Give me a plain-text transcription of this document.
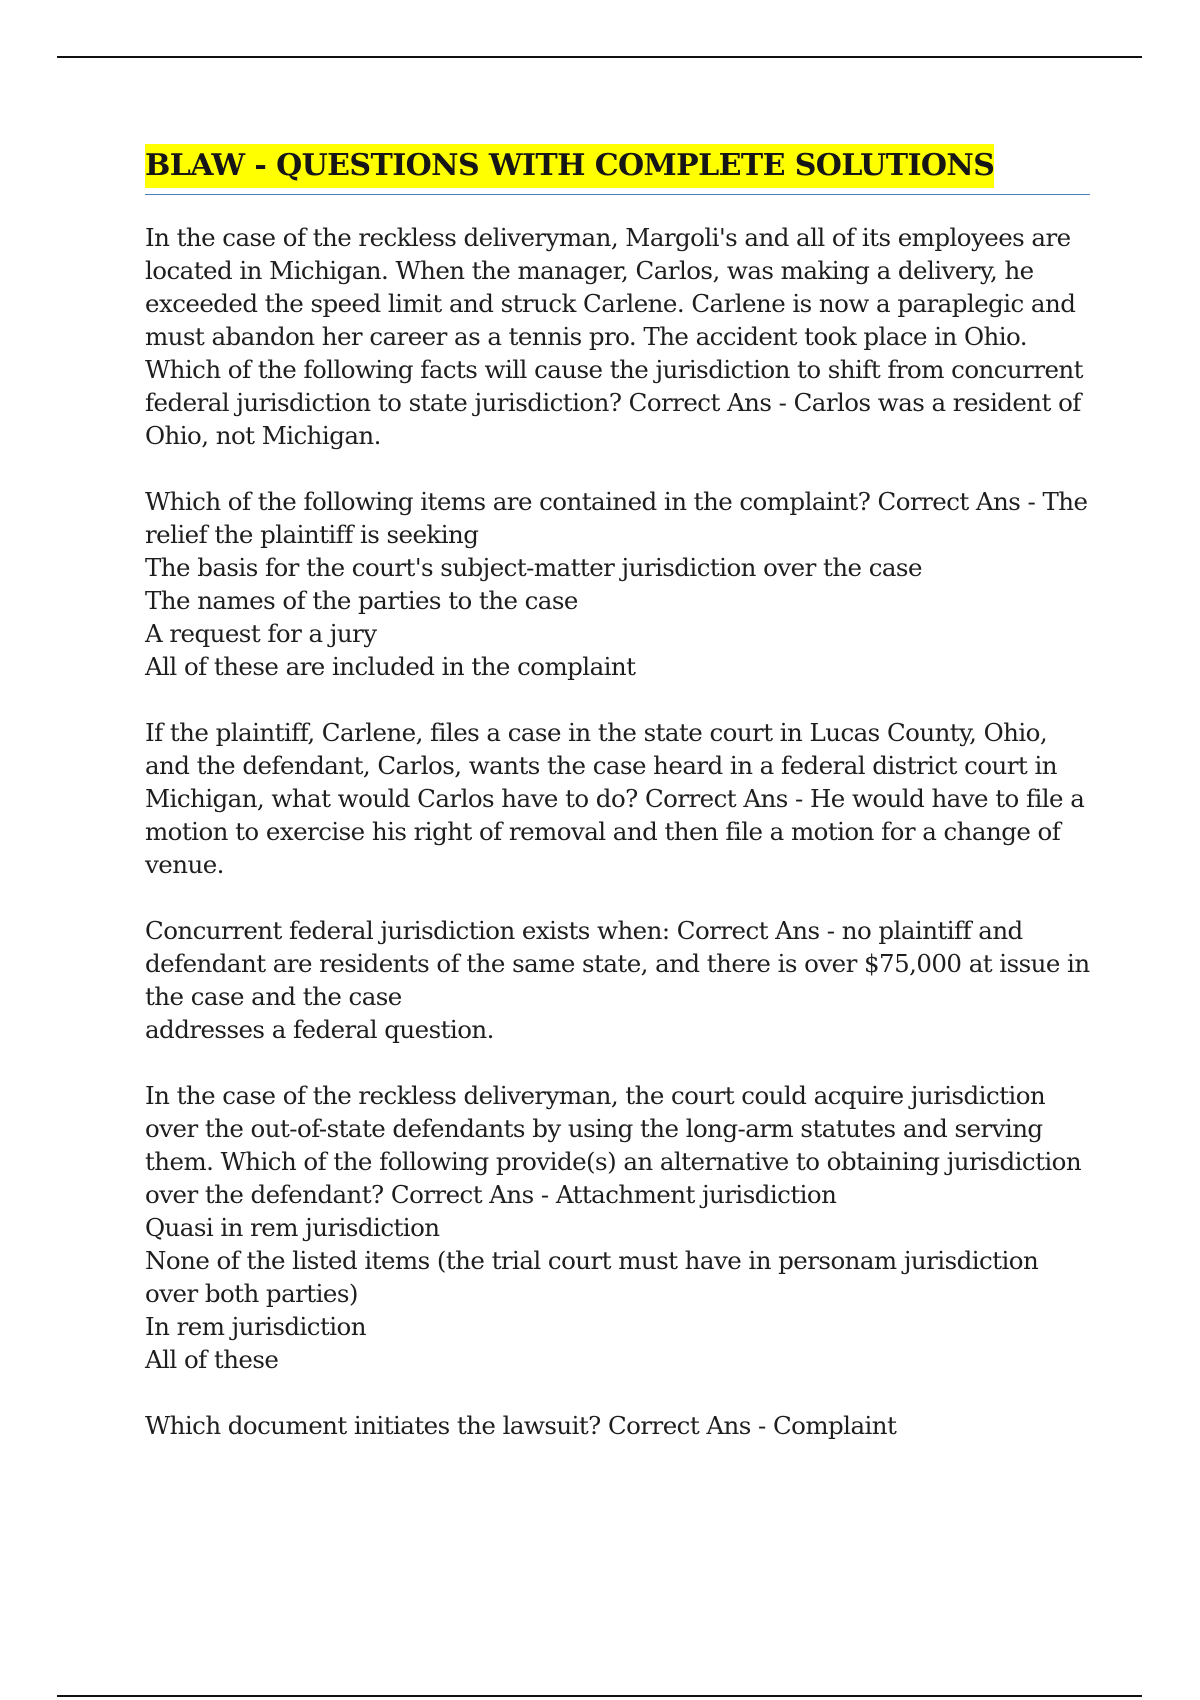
BLAW - QUESTIONS WITH COMPLETE SOLUTIONS

In the case of the reckless deliveryman, Margoli's and all of its employees are located in Michigan. When the manager, Carlos, was making a delivery, he exceeded the speed limit and struck Carlene. Carlene is now a paraplegic and must abandon her career as a tennis pro. The accident took place in Ohio. Which of the following facts will cause the jurisdiction to shift from concurrent federal jurisdiction to state jurisdiction? Correct Ans - Carlos was a resident of Ohio, not Michigan.

Which of the following items are contained in the complaint? Correct Ans - The relief the plaintiff is seeking
The basis for the court's subject-matter jurisdiction over the case
The names of the parties to the case
A request for a jury
All of these are included in the complaint

If the plaintiff, Carlene, files a case in the state court in Lucas County, Ohio, and the defendant, Carlos, wants the case heard in a federal district court in Michigan, what would Carlos have to do? Correct Ans - He would have to file a motion to exercise his right of removal and then file a motion for a change of venue.

Concurrent federal jurisdiction exists when: Correct Ans - no plaintiff and defendant are residents of the same state, and there is over $75,000 at issue in the case and the case
addresses a federal question.

In the case of the reckless deliveryman, the court could acquire jurisdiction over the out-of-state defendants by using the long-arm statutes and serving them. Which of the following provide(s) an alternative to obtaining jurisdiction over the defendant? Correct Ans - Attachment jurisdiction
Quasi in rem jurisdiction
None of the listed items (the trial court must have in personam jurisdiction over both parties)
In rem jurisdiction
All of these

Which document initiates the lawsuit? Correct Ans - Complaint
